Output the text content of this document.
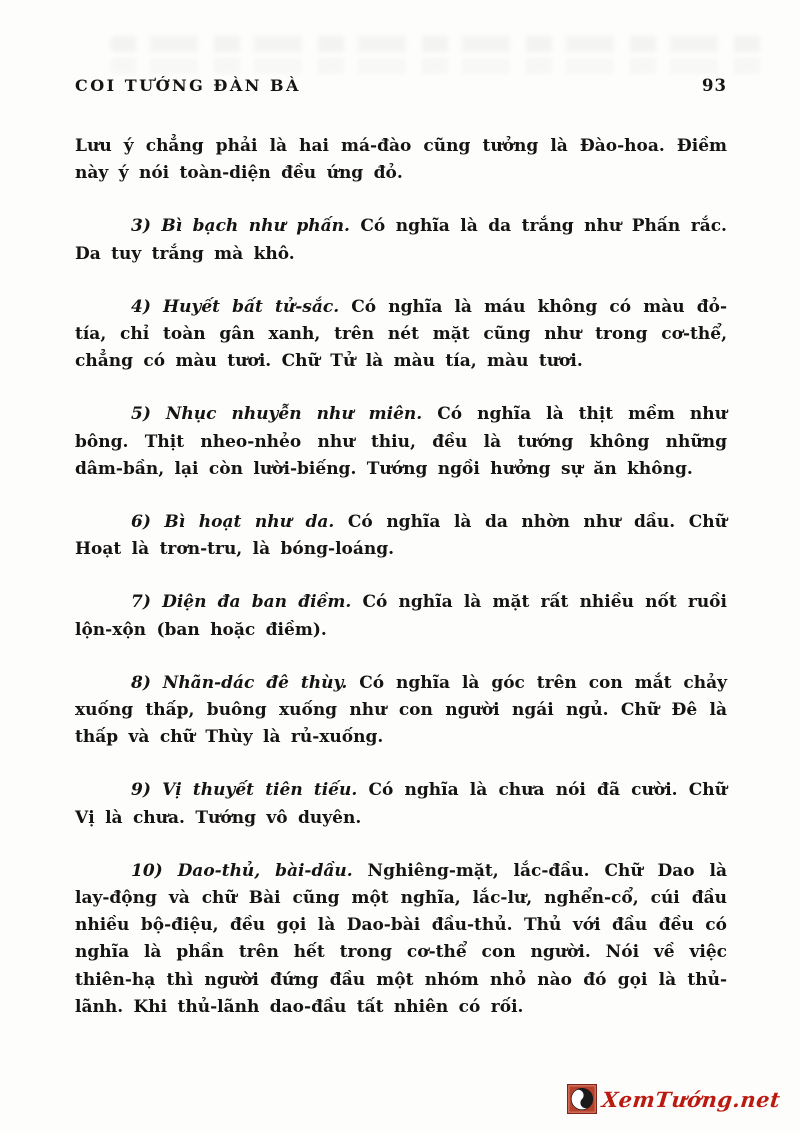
COI TƯỚNG ĐÀN BÀ	93

Lưu ý chẳng phải là hai má-đào cũng tưởng là Đào-hoa. Điềm này ý nói toàn-diện đều ứng đỏ.

3) Bì bạch như phấn. Có nghĩa là da trắng như Phấn rắc. Da tuy trắng mà khô.

4) Huyết bất tử-sắc. Có nghĩa là máu không có màu đỏ-tía, chỉ toàn gân xanh, trên nét mặt cũng như trong cơ-thể, chẳng có màu tươi. Chữ Tử là màu tía, màu tươi.

5) Nhục nhuyễn như miên. Có nghĩa là thịt mềm như bông. Thịt nheo-nhẻo như thiu, đều là tướng không những dâm-bần, lại còn lười-biếng. Tướng ngồi hưởng sự ăn không.

6) Bì hoạt như da. Có nghĩa là da nhờn như dầu. Chữ Hoạt là trơn-tru, là bóng-loáng.

7) Diện đa ban điềm. Có nghĩa là mặt rất nhiều nốt ruồi lộn-xộn (ban hoặc điềm).

8) Nhãn-dác đê thùy. Có nghĩa là góc trên con mắt chảy xuống thấp, buông xuống như con người ngái ngủ. Chữ Đê là thấp và chữ Thùy là rủ-xuống.

9) Vị thuyết tiên tiếu. Có nghĩa là chưa nói đã cười. Chữ Vị là chưa. Tướng vô duyên.

10) Dao-thủ, bài-dầu. Nghiêng-mặt, lắc-đầu. Chữ Dao là lay-động và chữ Bài cũng một nghĩa, lắc-lư, nghển-cổ, cúi đầu nhiều bộ-điệu, đều gọi là Dao-bài đầu-thủ. Thủ với đầu đều có nghĩa là phần trên hết trong cơ-thể con người. Nói về việc thiên-hạ thì người đứng đầu một nhóm nhỏ nào đó gọi là thủ-lãnh. Khi thủ-lãnh dao-đầu tất nhiên có rối.

XemTướng.net
